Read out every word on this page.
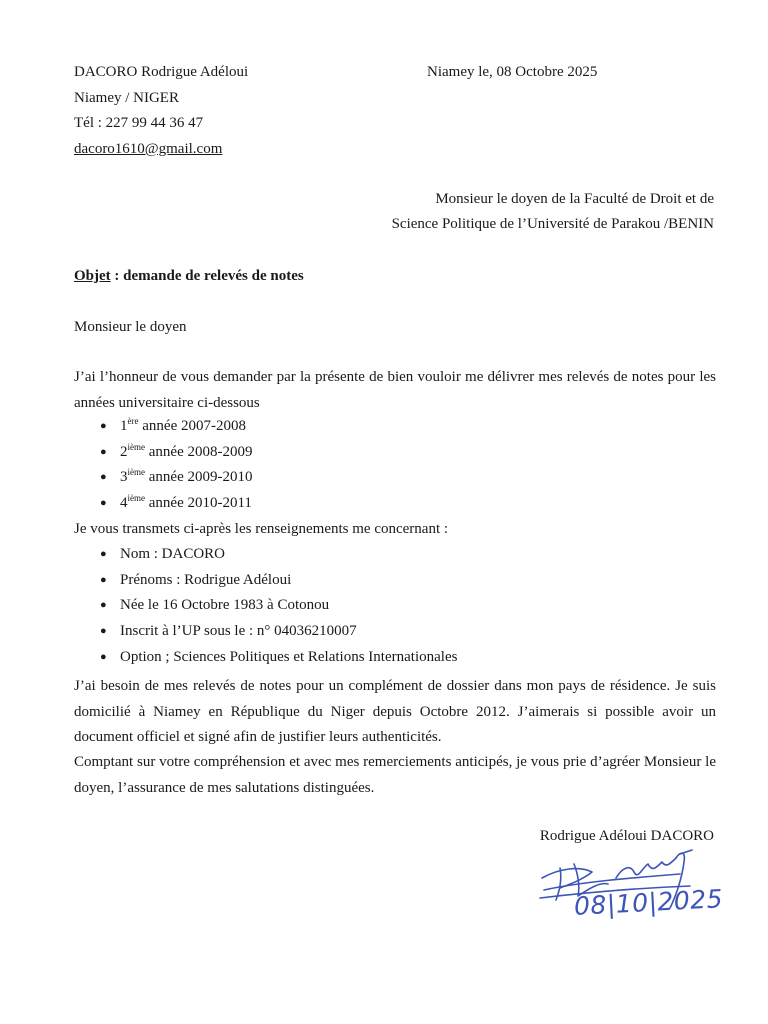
DACORO Rodrigue Adéloui
Niamey / NIGER
Tél : 227 99 44 36 47
dacoro1610@gmail.com
Niamey le, 08 Octobre 2025
Monsieur le doyen de la Faculté de Droit et de
Science Politique de l’Université de Parakou /BENIN
Objet : demande de relevés de notes
Monsieur le doyen
J’ai l’honneur de vous demander par la présente de bien vouloir me délivrer mes relevés de notes pour les années universitaire ci-dessous
● 1ère année 2007-2008
● 2ième année 2008-2009
● 3ième année 2009-2010
● 4ième année 2010-2011
Je vous transmets ci-après les renseignements me concernant :
● Nom : DACORO
● Prénoms : Rodrigue Adéloui
● Née le 16 Octobre 1983 à Cotonou
● Inscrit à l’UP sous le : n° 04036210007
● Option ; Sciences Politiques et Relations Internationales
J’ai besoin de mes relevés de notes pour un complément de dossier dans mon pays de résidence. Je suis domicilié à Niamey en République du Niger depuis Octobre 2012. J’aimerais si possible avoir un document officiel et signé afin de justifier leurs authenticités.
Comptant sur votre compréhension et avec mes remerciements anticipés, je vous prie d’agréer Monsieur le doyen, l’assurance de mes salutations distinguées.
Rodrigue Adéloui DACORO
08|10|2025
